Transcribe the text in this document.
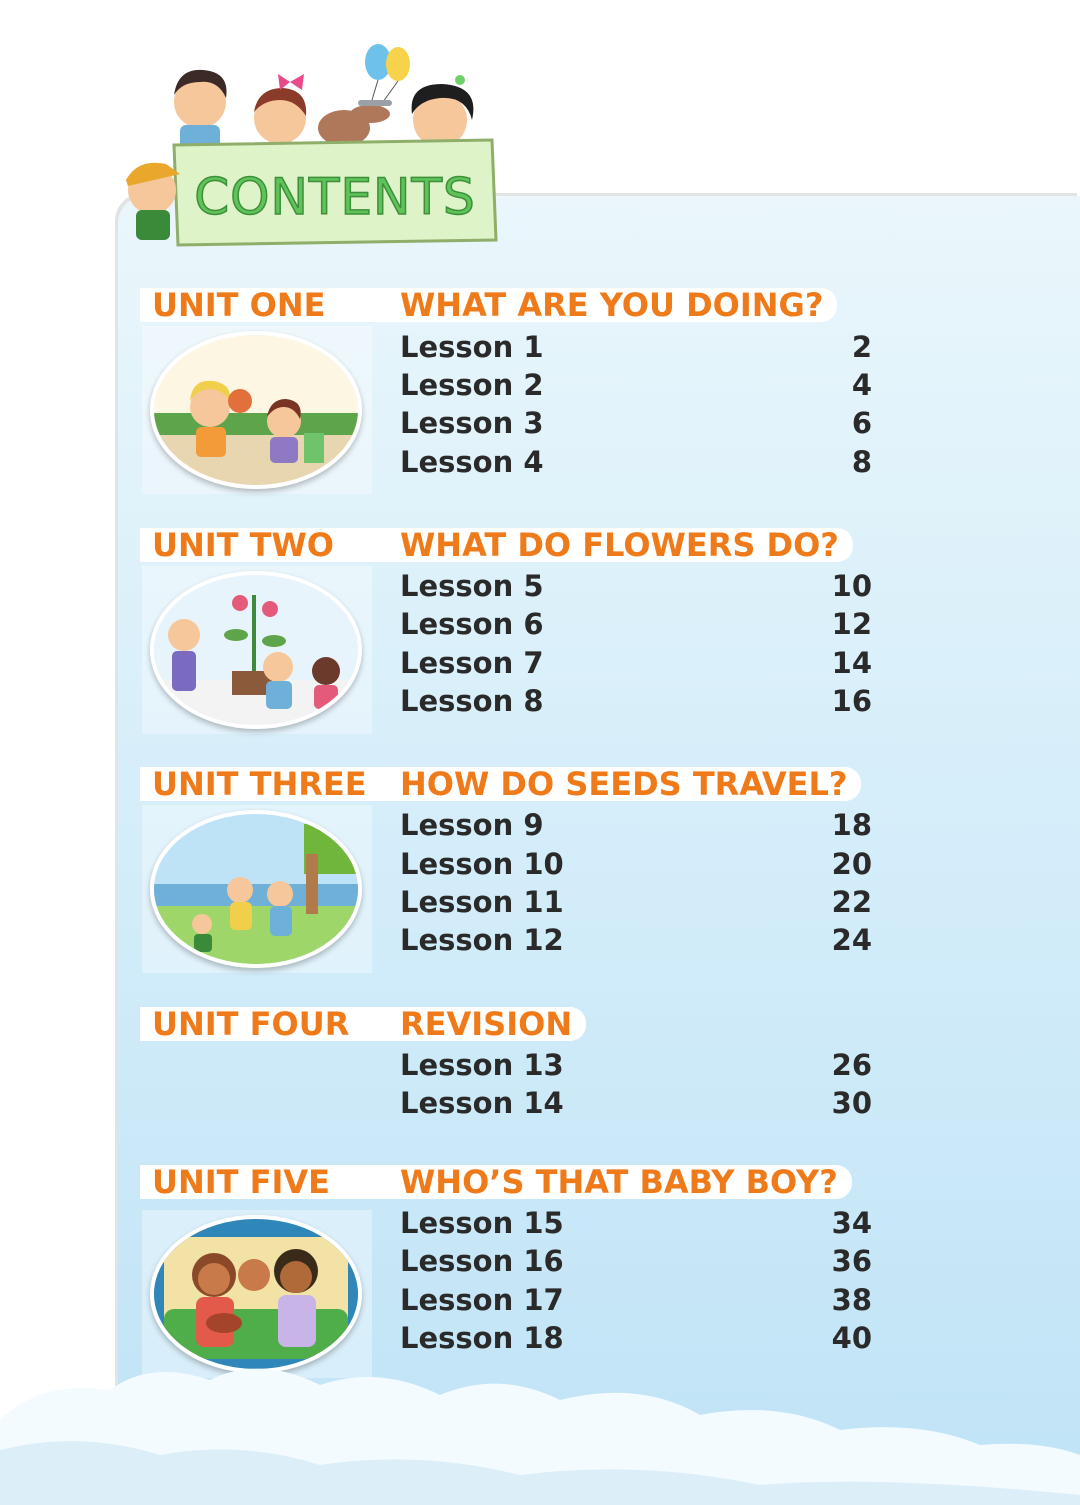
CONTENTS
UNIT ONE	WHAT ARE YOU DOING?
Lesson 1	2
Lesson 2	4
Lesson 3	6
Lesson 4	8
UNIT TWO	WHAT DO FLOWERS DO?
Lesson 5	10
Lesson 6	12
Lesson 7	14
Lesson 8	16
UNIT THREE	HOW DO SEEDS TRAVEL?
Lesson 9	18
Lesson 10	20
Lesson 11	22
Lesson 12	24
UNIT FOUR	REVISION
Lesson 13	26
Lesson 14	30
UNIT FIVE	WHO’S THAT BABY BOY?
Lesson 15	34
Lesson 16	36
Lesson 17	38
Lesson 18	40
